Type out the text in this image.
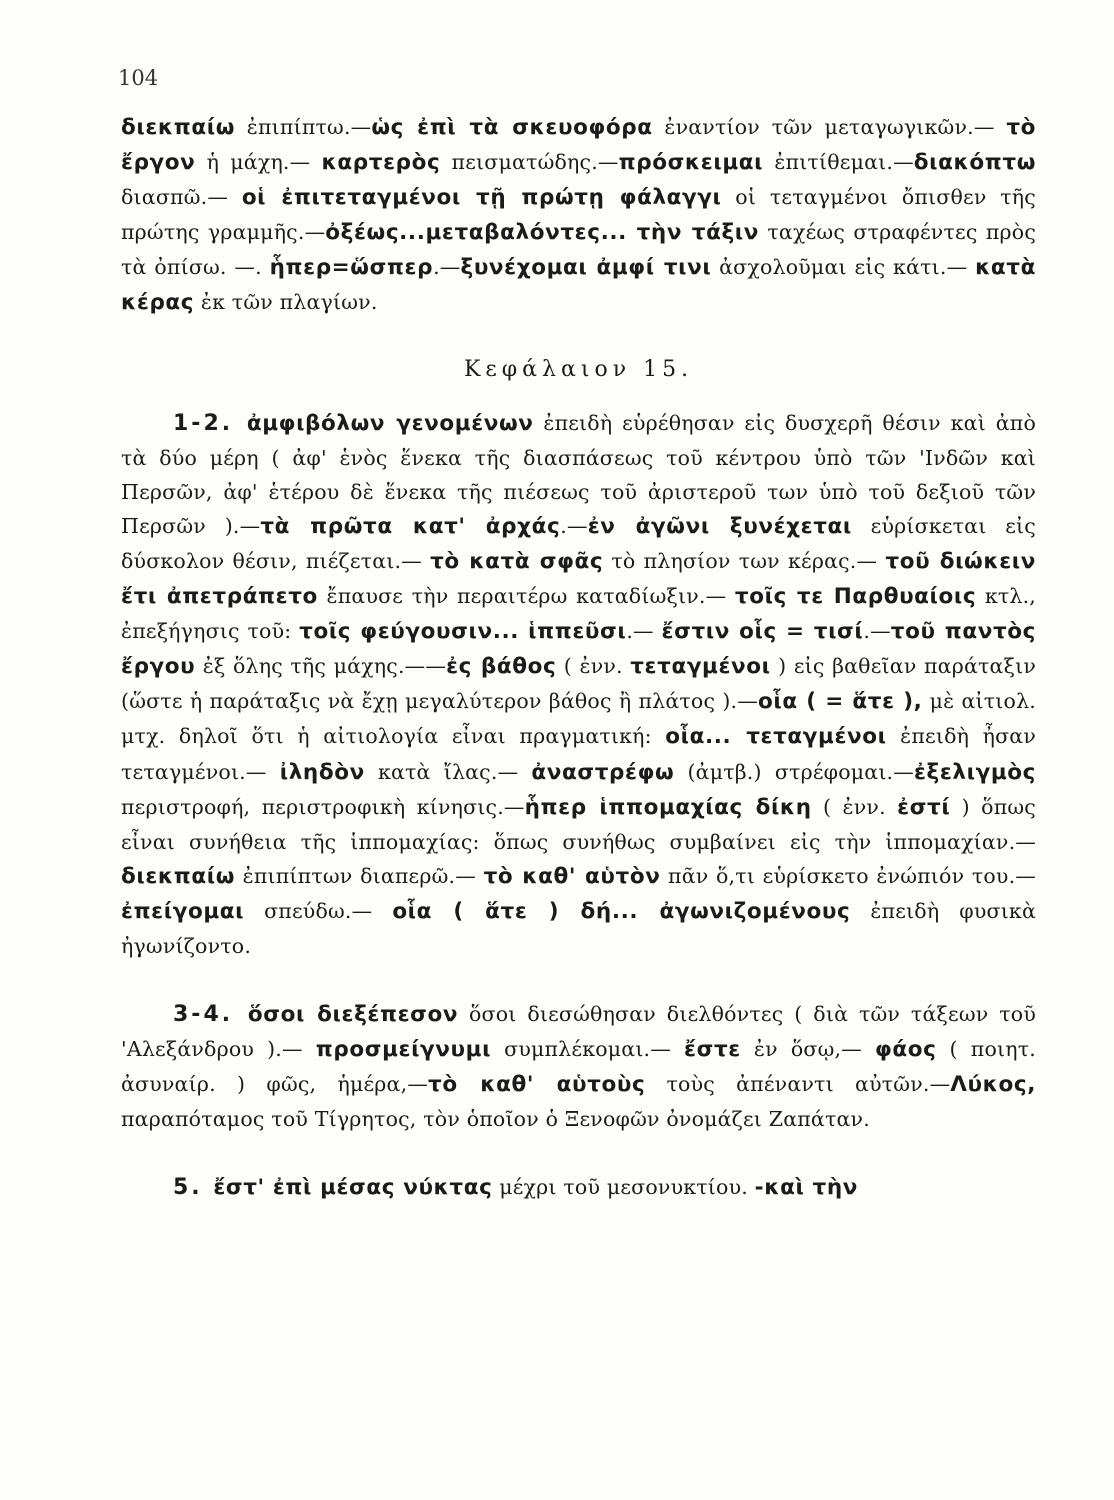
104

διεκπαίω ἐπιπίπτω.—ὡς ἐπὶ τὰ σκευοφόρα ἐναντίον τῶν μεταγωγικῶν.— τὸ ἔργον ἡ μάχη.— καρτερὸς πεισματώδης.—πρόσκειμαι ἐπιτίθεμαι.—διακόπτω διασπῶ.— οἱ ἐπιτεταγμένοι τῇ πρώτῃ φάλαγγι οἱ τεταγμένοι ὄπισθεν τῆς πρώτης γραμμῆς.—ὀξέως...μεταβαλόντες... τὴν τάξιν ταχέως στραφέντες πρὸς τὰ ὀπίσω. —. ἧπερ=ὥσπερ.—ξυνέχομαι ἀμφί τινι ἀσχολοῦμαι εἰς κάτι.— κατὰ κέρας ἐκ τῶν πλαγίων.

Κεφάλαιον 15.

1-2. ἀμφιβόλων γενομένων ἐπειδὴ εὑρέθησαν εἰς δυσχερῆ θέσιν καὶ ἀπὸ τὰ δύο μέρη ( ἀφ' ἑνὸς ἕνεκα τῆς διασπάσεως τοῦ κέντρου ὑπὸ τῶν 'Ινδῶν καὶ Περσῶν, ἀφ' ἑτέρου δὲ ἕνεκα τῆς πιέσεως τοῦ ἀριστεροῦ των ὑπὸ τοῦ δεξιοῦ τῶν Περσῶν ).—τὰ πρῶτα κατ' ἀρχάς.—ἐν ἀγῶνι ξυνέχεται εὑρίσκεται εἰς δύσκολον θέσιν, πιέζεται.— τὸ κατὰ σφᾶς τὸ πλησίον των κέρας.— τοῦ διώκειν ἔτι ἀπετράπετο ἔπαυσε τὴν περαιτέρω καταδίωξιν.— τοῖς τε Παρθυαίοις κτλ., ἐπεξήγησις τοῦ: τοῖς φεύγουσιν... ἱππεῦσι.— ἔστιν οἷς = τισί.—τοῦ παντὸς ἔργου ἐξ ὅλης τῆς μάχης.——ἐς βάθος ( ἐνν. τεταγμένοι ) εἰς βαθεῖαν παράταξιν (ὥστε ἡ παράταξις νὰ ἔχῃ μεγαλύτερον βάθος ἢ πλάτος ).—οἷα ( = ἅτε ), μὲ αἰτιολ. μτχ. δηλοῖ ὅτι ἡ αἰτιολογία εἶναι πραγματική: οἷα... τεταγμένοι ἐπειδὴ ἦσαν τεταγμένοι.— ἰληδὸν κατὰ ἴλας.— ἀναστρέφω (ἀμτβ.) στρέφομαι.—ἐξελιγμὸς περιστροφή, περιστροφικὴ κίνησις.—ἧπερ ἱππομαχίας δίκη ( ἐνν. ἐστί ) ὅπως εἶναι συνήθεια τῆς ἱππομαχίας: ὅπως συνήθως συμβαίνει εἰς τὴν ἱππομαχίαν.—διεκπαίω ἐπιπίπτων διαπερῶ.— τὸ καθ' αὑτὸν πᾶν ὅ,τι εὑρίσκετο ἐνώπιόν του.—ἐπείγομαι σπεύδω.— οἷα ( ἅτε ) δή... ἀγωνιζομένους ἐπειδὴ φυσικὰ ἠγωνίζοντο.

3-4. ὅσοι διεξέπεσον ὅσοι διεσώθησαν διελθόντες ( διὰ τῶν τάξεων τοῦ 'Αλεξάνδρου ).— προσμείγνυμι συμπλέκομαι.— ἔστε ἐν ὅσῳ,— φάος ( ποιητ. ἀσυναίρ. ) φῶς, ἡμέρα,—τὸ καθ' αὑτοὺς τοὺς ἀπέναντι αὐτῶν.—Λύκος, παραπόταμος τοῦ Τίγρητος, τὸν ὁποῖον ὁ Ξενοφῶν ὀνομάζει Ζαπάταν.

5. ἔστ' ἐπὶ μέσας νύκτας μέχρι τοῦ μεσονυκτίου. -καὶ τὴν
